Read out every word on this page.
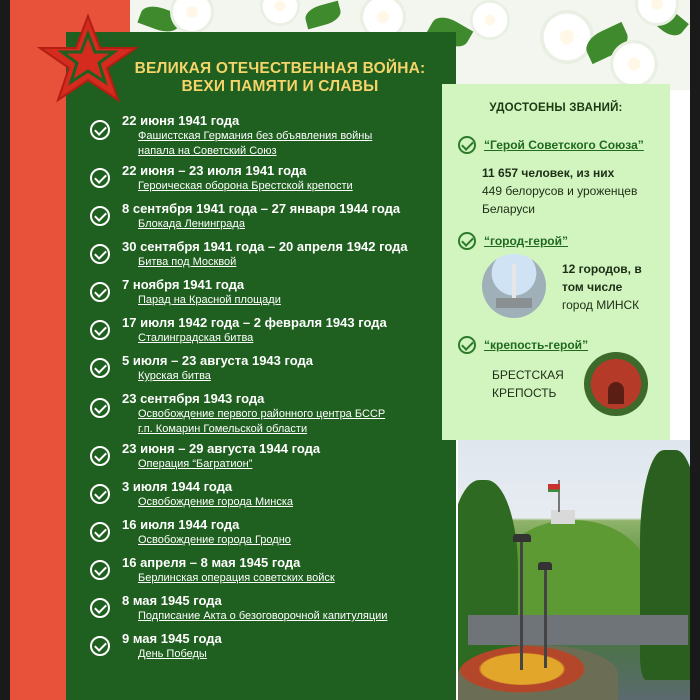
ВЕЛИКАЯ ОТЕЧЕСТВЕННАЯ ВОЙНА:
ВЕХИ ПАМЯТИ И СЛАВЫ
22 июня 1941 года
Фашистская Германия без объявления войны
напала на Советский Союз
22 июня – 23 июля 1941 года
Героическая оборона Брестской крепости
8 сентября 1941 года – 27 января 1944 года
Блокада Ленинграда
30 сентября 1941 года – 20 апреля 1942 года
Битва под Москвой
7 ноября 1941 года
Парад на Красной площади
17 июля 1942 года – 2 февраля 1943 года
Сталинградская битва
5 июля – 23 августа 1943 года
Курская битва
23 сентября 1943 года
Освобождение первого районного центра БССР
г.п. Комарин Гомельской области
23 июня – 29 августа 1944 года
Операция “Багратион”
3 июля 1944 года
Освобождение города Минска
16 июля 1944 года
Освобождение города Гродно
16 апреля – 8 мая 1945 года
Берлинская операция советских войск
8 мая 1945 года
Подписание Акта о безоговорочной капитуляции
9 мая 1945 года
День Победы
УДОСТОЕНЫ ЗВАНИЙ:
“Герой Советского Союза”
11 657 человек, из них
449 белорусов и уроженцев
Беларуси
“город-герой”
12 городов, в
том числе
город МИНСК
“крепость-герой”
БРЕСТСКАЯ
КРЕПОСТЬ
